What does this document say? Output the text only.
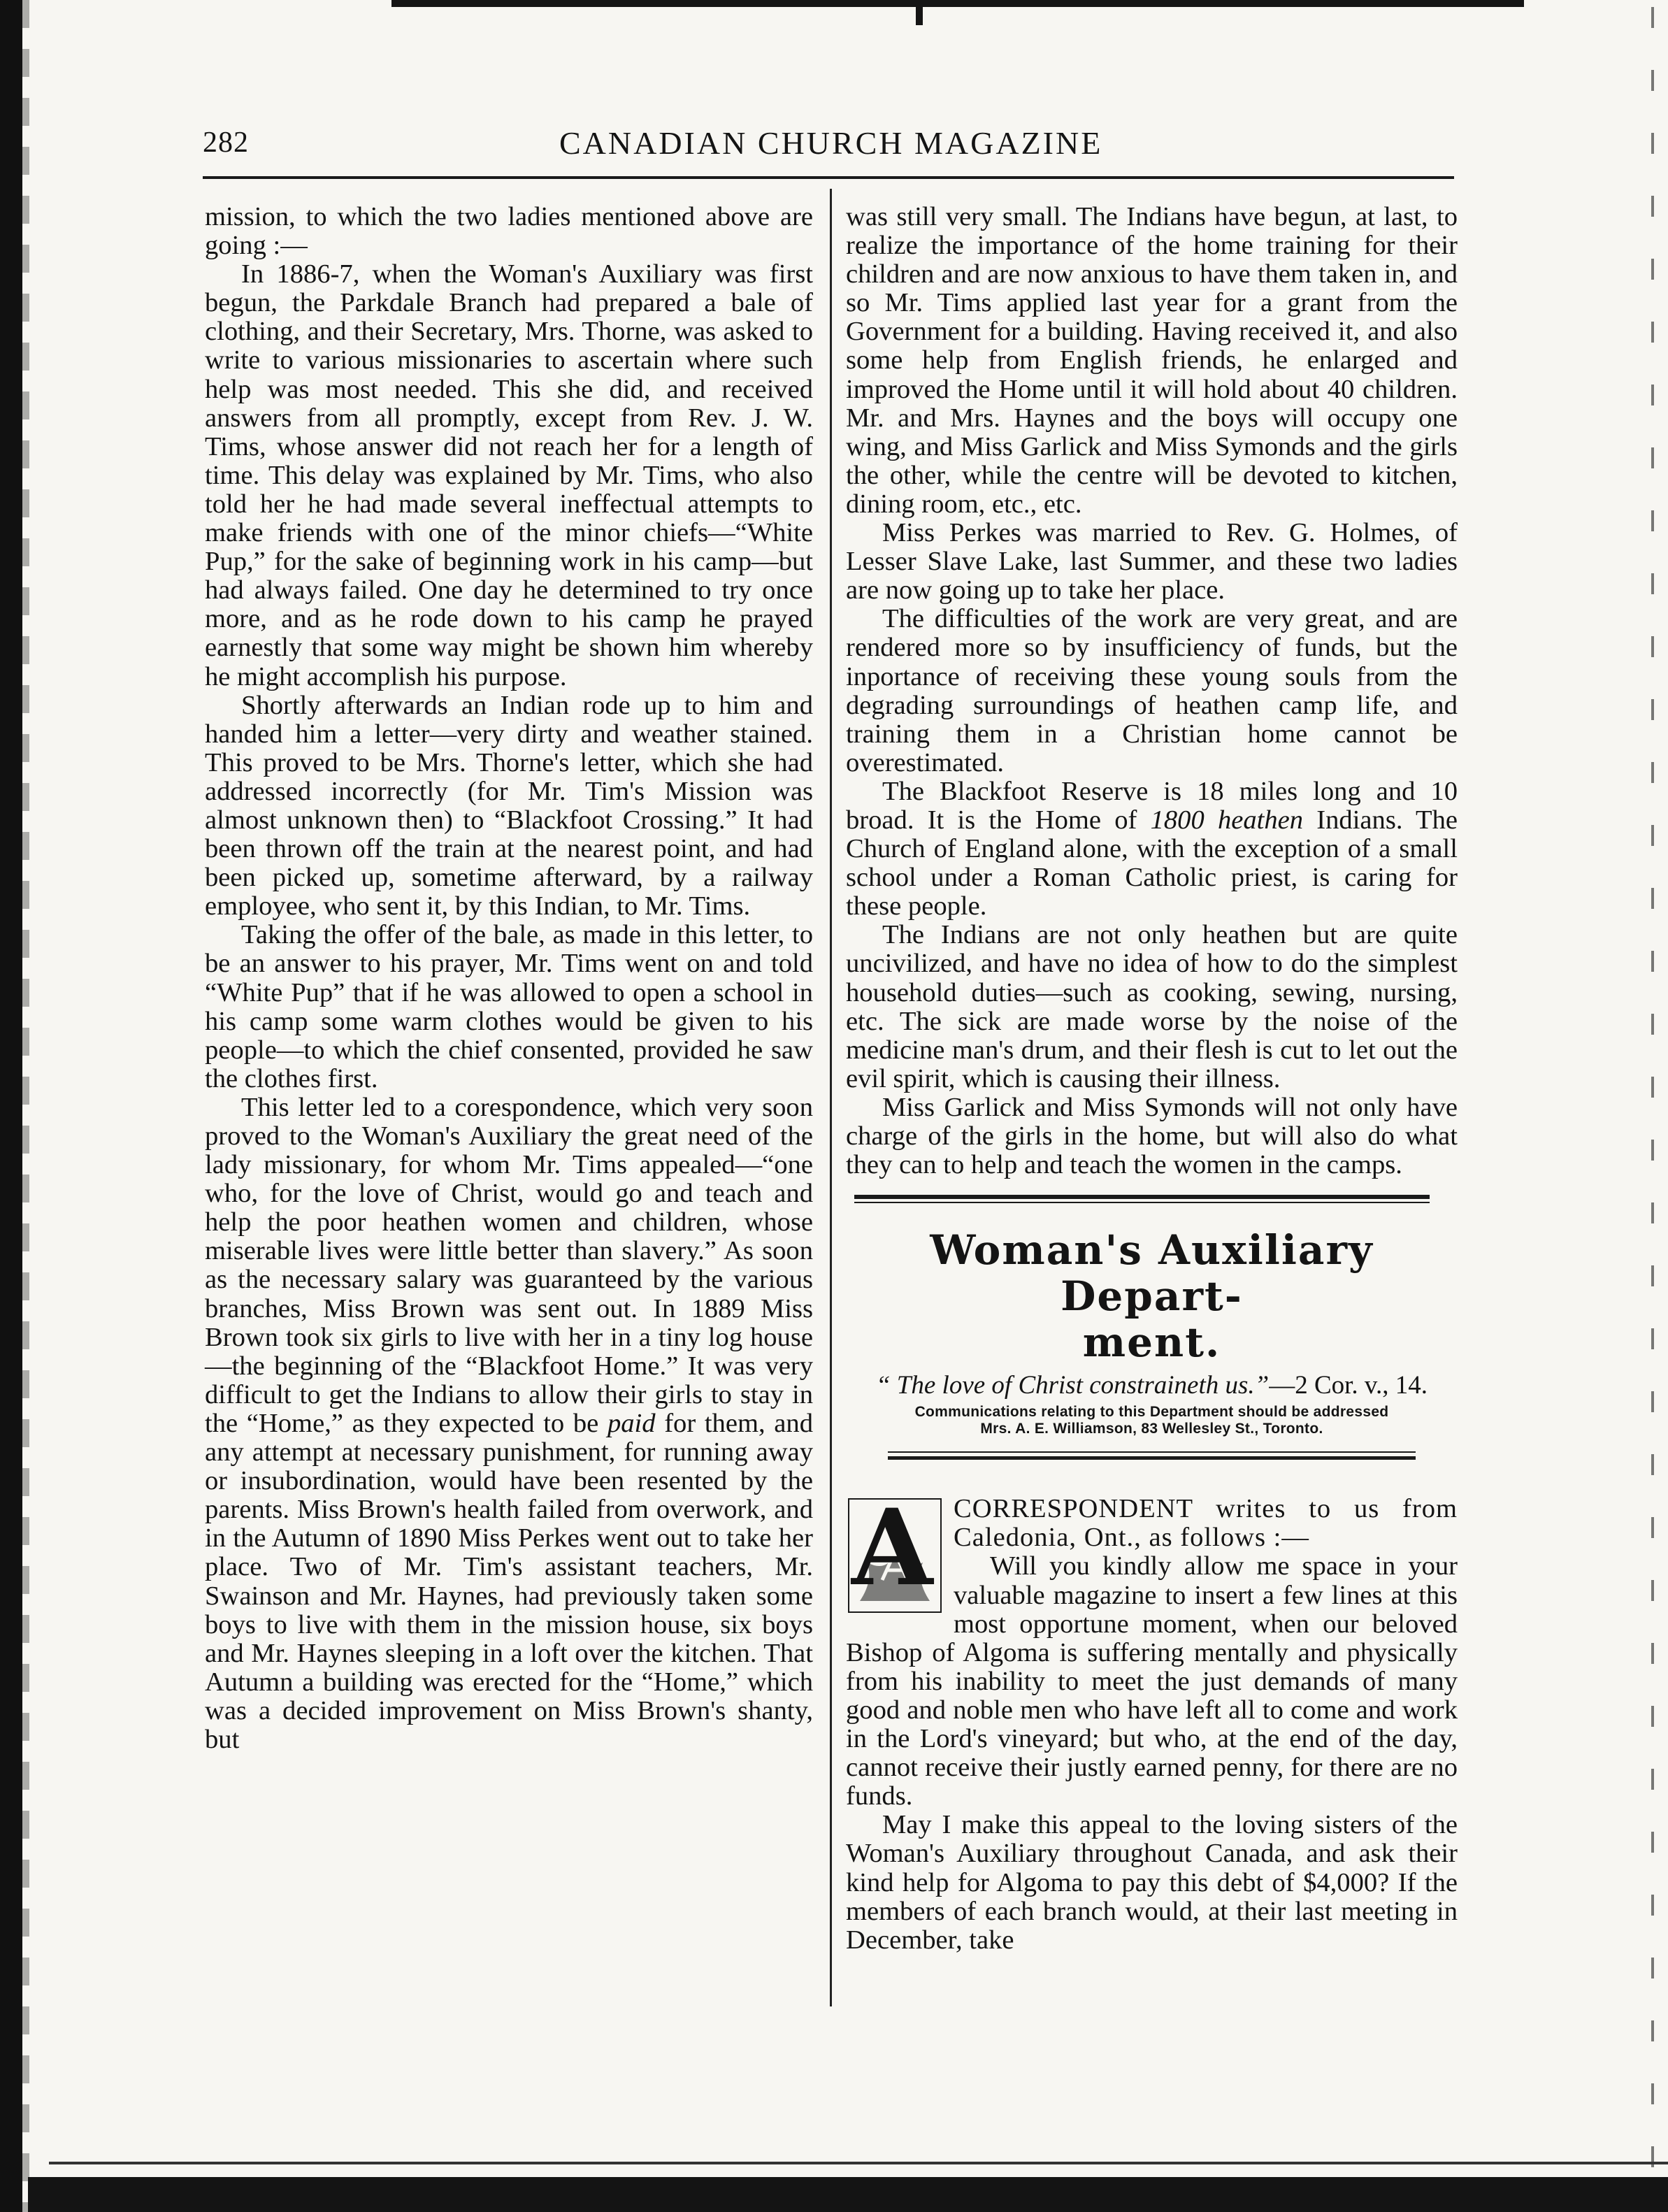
282	CANADIAN CHURCH MAGAZINE

mission, to which the two ladies mentioned above are going :—

In 1886-7, when the Woman's Auxiliary was first begun, the Parkdale Branch had prepared a bale of clothing, and their Secretary, Mrs. Thorne, was asked to write to various missionaries to ascertain where such help was most needed. This she did, and received answers from all promptly, except from Rev. J. W. Tims, whose answer did not reach her for a length of time. This delay was explained by Mr. Tims, who also told her he had made several ineffectual attempts to make friends with one of the minor chiefs—“White Pup,” for the sake of beginning work in his camp—but had always failed. One day he determined to try once more, and as he rode down to his camp he prayed earnestly that some way might be shown him whereby he might accomplish his purpose.

Shortly afterwards an Indian rode up to him and handed him a letter—very dirty and weather stained. This proved to be Mrs. Thorne's letter, which she had addressed incorrectly (for Mr. Tim's Mission was almost unknown then) to “Blackfoot Crossing.” It had been thrown off the train at the nearest point, and had been picked up, sometime afterward, by a railway employee, who sent it, by this Indian, to Mr. Tims.

Taking the offer of the bale, as made in this letter, to be an answer to his prayer, Mr. Tims went on and told “White Pup” that if he was allowed to open a school in his camp some warm clothes would be given to his people—to which the chief consented, provided he saw the clothes first.

This letter led to a corespondence, which very soon proved to the Woman's Auxiliary the great need of the lady missionary, for whom Mr. Tims appealed—“one who, for the love of Christ, would go and teach and help the poor heathen women and children, whose miserable lives were little better than slavery.” As soon as the necessary salary was guaranteed by the various branches, Miss Brown was sent out. In 1889 Miss Brown took six girls to live with her in a tiny log house—the beginning of the “Blackfoot Home.” It was very difficult to get the Indians to allow their girls to stay in the “Home,” as they expected to be paid for them, and any attempt at necessary punishment, for running away or insubordination, would have been resented by the parents. Miss Brown's health failed from overwork, and in the Autumn of 1890 Miss Perkes went out to take her place. Two of Mr. Tim's assistant teachers, Mr. Swainson and Mr. Haynes, had previously taken some boys to live with them in the mission house, six boys and Mr. Haynes sleeping in a loft over the kitchen. That Autumn a building was erected for the “Home,” which was a decided improvement on Miss Brown's shanty, but

was still very small. The Indians have begun, at last, to realize the importance of the home training for their children and are now anxious to have them taken in, and so Mr. Tims applied last year for a grant from the Government for a building. Having received it, and also some help from English friends, he enlarged and improved the Home until it will hold about 40 children. Mr. and Mrs. Haynes and the boys will occupy one wing, and Miss Garlick and Miss Symonds and the girls the other, while the centre will be devoted to kitchen, dining room, etc., etc.

Miss Perkes was married to Rev. G. Holmes, of Lesser Slave Lake, last Summer, and these two ladies are now going up to take her place.

The difficulties of the work are very great, and are rendered more so by insufficiency of funds, but the inportance of receiving these young souls from the degrading surroundings of heathen camp life, and training them in a Christian home cannot be overestimated.

The Blackfoot Reserve is 18 miles long and 10 broad. It is the Home of 1800 heathen Indians. The Church of England alone, with the exception of a small school under a Roman Catholic priest, is caring for these people.

The Indians are not only heathen but are quite uncivilized, and have no idea of how to do the simplest household duties—such as cooking, sewing, nursing, etc. The sick are made worse by the noise of the medicine man's drum, and their flesh is cut to let out the evil spirit, which is causing their illness.

Miss Garlick and Miss Symonds will not only have charge of the girls in the home, but will also do what they can to help and teach the women in the camps.

Woman's Auxiliary Depart-
ment.
“ The love of Christ constraineth us.”—2 Cor. v., 14.
Communications relating to this Department should be addressed
Mrs. A. E. Williamson, 83 Wellesley St., Toronto.
A CORRESPONDENT writes to us from Caledonia, Ont., as follows :—

Will you kindly allow me space in your valuable magazine to insert a few lines at this most opportune moment, when our beloved Bishop of Algoma is suffering mentally and physically from his inability to meet the just demands of many good and noble men who have left all to come and work in the Lord's vineyard; but who, at the end of the day, cannot receive their justly earned penny, for there are no funds.

May I make this appeal to the loving sisters of the Woman's Auxiliary throughout Canada, and ask their kind help for Algoma to pay this debt of $4,000? If the members of each branch would, at their last meeting in December, take
